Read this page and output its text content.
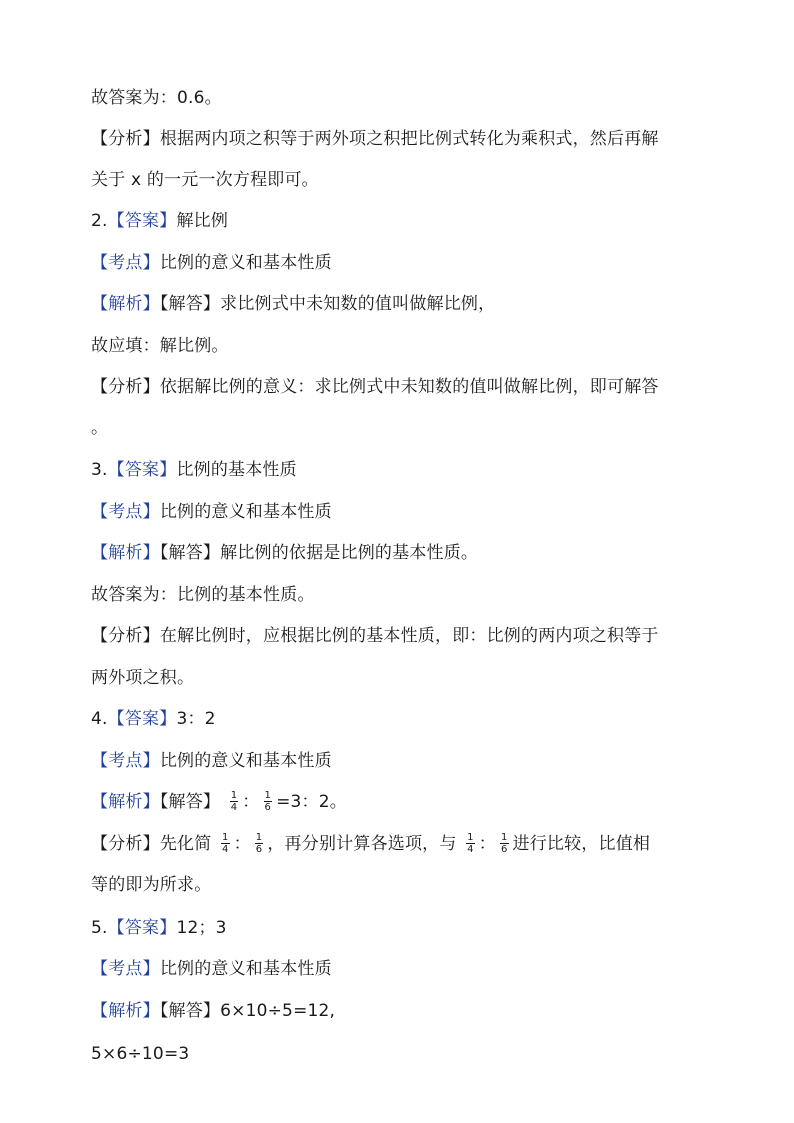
故答案为：0.6。
【分析】根据两内项之积等于两外项之积把比例式转化为乘积式，然后再解
关于 x 的一元一次方程即可。
2.【答案】解比例
【考点】比例的意义和基本性质
【解析】【解答】求比例式中未知数的值叫做解比例，
故应填：解比例。
【分析】依据解比例的意义：求比例式中未知数的值叫做解比例，即可解答
。
3.【答案】比例的基本性质
【考点】比例的意义和基本性质
【解析】【解答】解比例的依据是比例的基本性质。
故答案为：比例的基本性质。
【分析】在解比例时，应根据比例的基本性质，即：比例的两内项之积等于
两外项之积。
4.【答案】3：2
【考点】比例的意义和基本性质
【解析】【解答】 $\frac{1}{4}$ ： $\frac{1}{6} =3$：2。
【分析】先化简 $\frac{1}{4}$ ： $\frac{1}{6}$ ，再分别计算各选项，与 $\frac{1}{4}$ ： $\frac{1}{6}$ 进行比较，比值相
等的即为所求。
5.【答案】12；3
【考点】比例的意义和基本性质
【解析】【解答】6×10÷5=12,
5×6÷10=3
